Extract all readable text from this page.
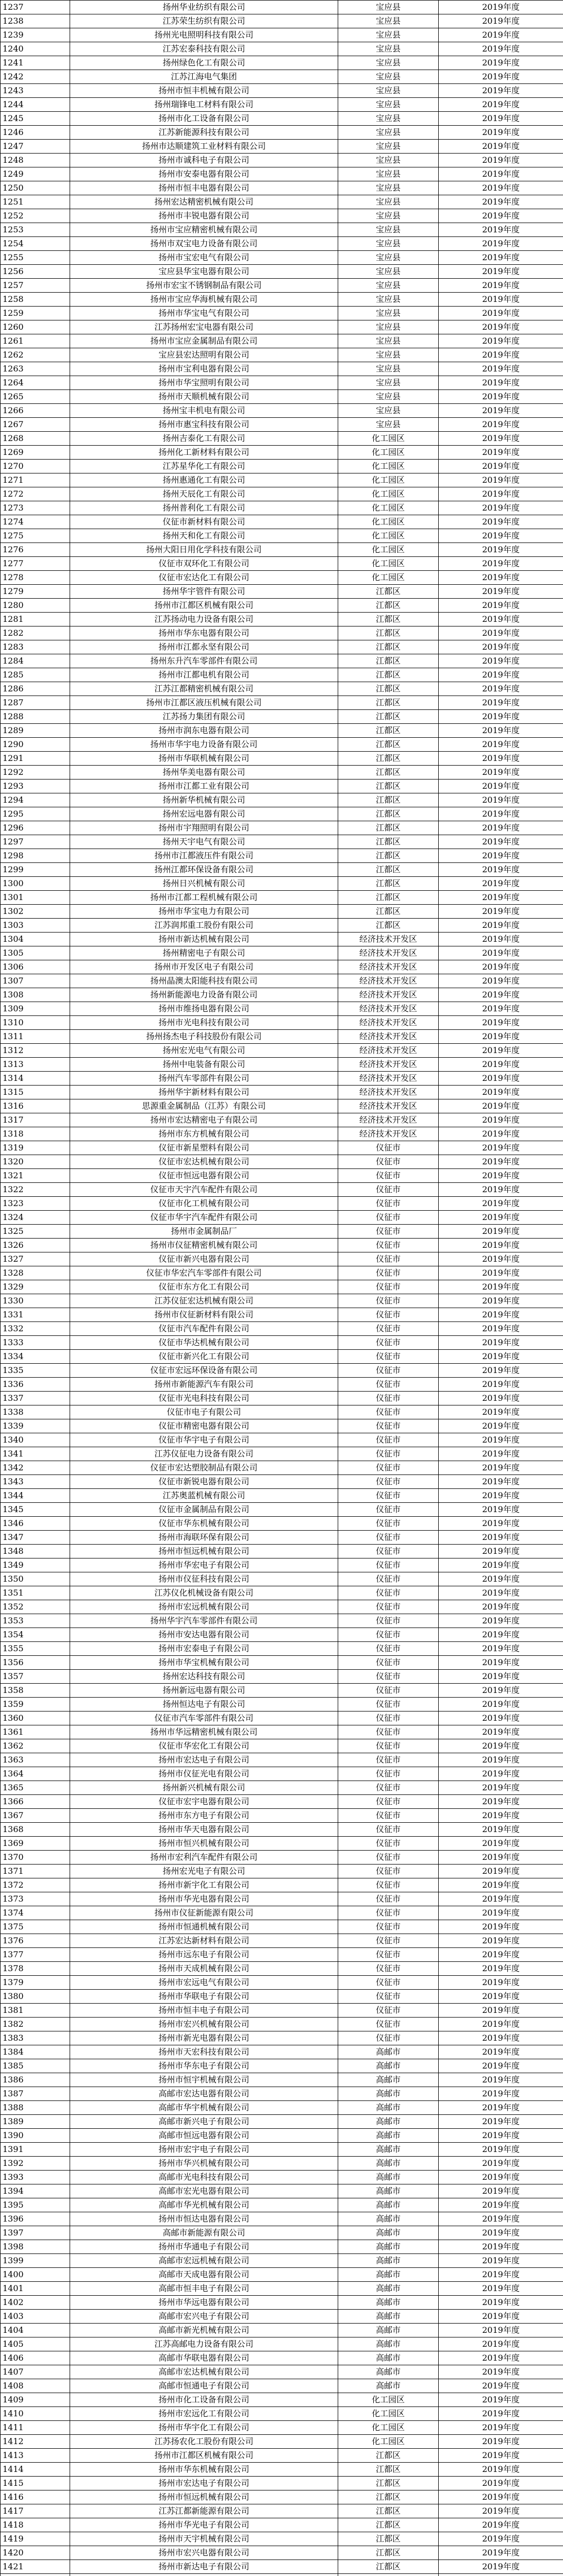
1237	扬州华业纺织有限公司	宝应县	2019年度
1238	江苏荣生纺织有限公司	宝应县	2019年度
1239	扬州光电照明科技有限公司	宝应县	2019年度
1240	江苏宏泰科技有限公司	宝应县	2019年度
1241	扬州绿色化工有限公司	宝应县	2019年度
1242	江苏江海电气集团	宝应县	2019年度
1243	扬州市恒丰机械有限公司	宝应县	2019年度
1244	扬州瑞锋电工材料有限公司	宝应县	2019年度
1245	扬州市化工设备有限公司	宝应县	2019年度
1246	江苏新能源科技有限公司	宝应县	2019年度
1247	扬州市达顺建筑工业材料有限公司	宝应县	2019年度
1248	扬州市诚科电子有限公司	宝应县	2019年度
1249	扬州市安泰电器有限公司	宝应县	2019年度
1250	扬州市恒丰电器有限公司	宝应县	2019年度
1251	扬州宏达精密机械有限公司	宝应县	2019年度
1252	扬州市丰锐电器有限公司	宝应县	2019年度
1253	扬州市宝应精密机械有限公司	宝应县	2019年度
1254	扬州市双宝电力设备有限公司	宝应县	2019年度
1255	扬州市宝宏电气有限公司	宝应县	2019年度
1256	宝应县华宝电器有限公司	宝应县	2019年度
1257	扬州市宏宝不锈钢制品有限公司	宝应县	2019年度
1258	扬州市宝应华海机械有限公司	宝应县	2019年度
1259	扬州市华宝电气有限公司	宝应县	2019年度
1260	江苏扬州宏宝电器有限公司	宝应县	2019年度
1261	扬州市宝应金属制品有限公司	宝应县	2019年度
1262	宝应县宏达照明有限公司	宝应县	2019年度
1263	扬州市宝利电器有限公司	宝应县	2019年度
1264	扬州市华宝照明有限公司	宝应县	2019年度
1265	扬州市天顺机械有限公司	宝应县	2019年度
1266	扬州宝丰机电有限公司	宝应县	2019年度
1267	扬州市惠宝科技有限公司	宝应县	2019年度
1268	扬州吉泰化工有限公司	化工园区	2019年度
1269	扬州化工新材料有限公司	化工园区	2019年度
1270	江苏星华化工有限公司	化工园区	2019年度
1271	扬州惠通化工有限公司	化工园区	2019年度
1272	扬州天辰化工有限公司	化工园区	2019年度
1273	扬州普利化工有限公司	化工园区	2019年度
1274	仪征市新材料有限公司	化工园区	2019年度
1275	扬州天和化工有限公司	化工园区	2019年度
1276	扬州大阳日用化学科技有限公司	化工园区	2019年度
1277	仪征市双环化工有限公司	化工园区	2019年度
1278	仪征市宏达化工有限公司	化工园区	2019年度
1279	扬州华宇管件有限公司	江都区	2019年度
1280	扬州市江都区机械有限公司	江都区	2019年度
1281	江苏扬动电力设备有限公司	江都区	2019年度
1282	扬州市华东电器有限公司	江都区	2019年度
1283	扬州市江都永坚有限公司	江都区	2019年度
1284	扬州东升汽车零部件有限公司	江都区	2019年度
1285	扬州市江都电机有限公司	江都区	2019年度
1286	江苏江都精密机械有限公司	江都区	2019年度
1287	扬州市江都区液压机械有限公司	江都区	2019年度
1288	江苏扬力集团有限公司	江都区	2019年度
1289	扬州市润东电器有限公司	江都区	2019年度
1290	扬州市华宇电力设备有限公司	江都区	2019年度
1291	扬州市华联机械有限公司	江都区	2019年度
1292	扬州华美电器有限公司	江都区	2019年度
1293	扬州市江都工业有限公司	江都区	2019年度
1294	扬州新华机械有限公司	江都区	2019年度
1295	扬州宏远电器有限公司	江都区	2019年度
1296	扬州市宇翔照明有限公司	江都区	2019年度
1297	扬州天宇电气有限公司	江都区	2019年度
1298	扬州市江都液压件有限公司	江都区	2019年度
1299	扬州江都环保设备有限公司	江都区	2019年度
1300	扬州日兴机械有限公司	江都区	2019年度
1301	扬州市江都工程机械有限公司	江都区	2019年度
1302	扬州市华宝电力有限公司	江都区	2019年度
1303	江苏润邦重工股份有限公司	江都区	2019年度
1304	扬州市新达机械有限公司	经济技术开发区	2019年度
1305	扬州精密电子有限公司	经济技术开发区	2019年度
1306	扬州市开发区电子有限公司	经济技术开发区	2019年度
1307	扬州晶澳太阳能科技有限公司	经济技术开发区	2019年度
1308	扬州新能源电力设备有限公司	经济技术开发区	2019年度
1309	扬州市维扬电器有限公司	经济技术开发区	2019年度
1310	扬州市光电科技有限公司	经济技术开发区	2019年度
1311	扬州扬杰电子科技股份有限公司	经济技术开发区	2019年度
1312	扬州宏光电气有限公司	经济技术开发区	2019年度
1313	扬州中电装备有限公司	经济技术开发区	2019年度
1314	扬州汽车零部件有限公司	经济技术开发区	2019年度
1315	扬州华宇新材料有限公司	经济技术开发区	2019年度
1316	思源重金属制品（江苏）有限公司	经济技术开发区	2019年度
1317	扬州市宏达精密电子有限公司	经济技术开发区	2019年度
1318	扬州市东方机械有限公司	经济技术开发区	2019年度
1319	仪征市新星塑料有限公司	仪征市	2019年度
1320	仪征市宏达机械有限公司	仪征市	2019年度
1321	仪征市恒远电器有限公司	仪征市	2019年度
1322	仪征市天宇汽车配件有限公司	仪征市	2019年度
1323	仪征市化工机械有限公司	仪征市	2019年度
1324	仪征市华宇汽车配件有限公司	仪征市	2019年度
1325	扬州市金属制品厂	仪征市	2019年度
1326	扬州市仪征精密机械有限公司	仪征市	2019年度
1327	仪征市新兴电器有限公司	仪征市	2019年度
1328	仪征市华宏汽车零部件有限公司	仪征市	2019年度
1329	仪征市东方化工有限公司	仪征市	2019年度
1330	江苏仪征宏达机械有限公司	仪征市	2019年度
1331	扬州市仪征新材料有限公司	仪征市	2019年度
1332	仪征市汽车配件有限公司	仪征市	2019年度
1333	仪征市华达机械有限公司	仪征市	2019年度
1334	仪征市新兴化工有限公司	仪征市	2019年度
1335	仪征市宏远环保设备有限公司	仪征市	2019年度
1336	扬州市新能源汽车有限公司	仪征市	2019年度
1337	仪征市光电科技有限公司	仪征市	2019年度
1338	仪征市电子有限公司	仪征市	2019年度
1339	仪征市精密电器有限公司	仪征市	2019年度
1340	仪征市华宇电子有限公司	仪征市	2019年度
1341	江苏仪征电力设备有限公司	仪征市	2019年度
1342	仪征市宏达塑胶制品有限公司	仪征市	2019年度
1343	仪征市新锐电器有限公司	仪征市	2019年度
1344	江苏奥蓝机械有限公司	仪征市	2019年度
1345	仪征市金属制品有限公司	仪征市	2019年度
1346	仪征市华东机械有限公司	仪征市	2019年度
1347	扬州市海联环保有限公司	仪征市	2019年度
1348	扬州市恒远机械有限公司	仪征市	2019年度
1349	扬州市华宏电子有限公司	仪征市	2019年度
1350	扬州市仪征科技有限公司	仪征市	2019年度
1351	江苏仪化机械设备有限公司	仪征市	2019年度
1352	扬州市宏远机械有限公司	仪征市	2019年度
1353	扬州华宇汽车零部件有限公司	仪征市	2019年度
1354	扬州市安达电器有限公司	仪征市	2019年度
1355	扬州市宏泰电子有限公司	仪征市	2019年度
1356	扬州市华宝机械有限公司	仪征市	2019年度
1357	扬州宏达科技有限公司	仪征市	2019年度
1358	扬州新远电器有限公司	仪征市	2019年度
1359	扬州恒达电子有限公司	仪征市	2019年度
1360	仪征市汽车零部件有限公司	仪征市	2019年度
1361	扬州市华远精密机械有限公司	仪征市	2019年度
1362	仪征市华宏化工有限公司	仪征市	2019年度
1363	扬州市宏达电子有限公司	仪征市	2019年度
1364	扬州市仪征光电有限公司	仪征市	2019年度
1365	扬州新兴机械有限公司	仪征市	2019年度
1366	仪征市宏宇电器有限公司	仪征市	2019年度
1367	扬州市东方电子有限公司	仪征市	2019年度
1368	扬州市华天电器有限公司	仪征市	2019年度
1369	扬州市恒兴机械有限公司	仪征市	2019年度
1370	扬州市宏利汽车配件有限公司	仪征市	2019年度
1371	扬州宏光电子有限公司	仪征市	2019年度
1372	扬州市新宇化工有限公司	仪征市	2019年度
1373	扬州市华光电器有限公司	仪征市	2019年度
1374	扬州市仪征新能源有限公司	仪征市	2019年度
1375	扬州市恒通机械有限公司	仪征市	2019年度
1376	江苏宏达新材料有限公司	仪征市	2019年度
1377	扬州市远东电子有限公司	仪征市	2019年度
1378	扬州市天成机械有限公司	仪征市	2019年度
1379	扬州市宏远电气有限公司	仪征市	2019年度
1380	扬州市华联电子有限公司	仪征市	2019年度
1381	扬州市恒丰电子有限公司	仪征市	2019年度
1382	扬州市宏兴机械有限公司	仪征市	2019年度
1383	扬州市新光电器有限公司	仪征市	2019年度
1384	扬州市天宏科技有限公司	高邮市	2019年度
1385	扬州市华东电子有限公司	高邮市	2019年度
1386	扬州市恒宇机械有限公司	高邮市	2019年度
1387	高邮市宏达电器有限公司	高邮市	2019年度
1388	高邮市华宇机械有限公司	高邮市	2019年度
1389	高邮市新兴电子有限公司	高邮市	2019年度
1390	高邮市恒远电器有限公司	高邮市	2019年度
1391	扬州市宏宇电子有限公司	高邮市	2019年度
1392	扬州市华兴机械有限公司	高邮市	2019年度
1393	高邮市光电科技有限公司	高邮市	2019年度
1394	高邮市宏光电器有限公司	高邮市	2019年度
1395	高邮市华光机械有限公司	高邮市	2019年度
1396	扬州市恒达电器有限公司	高邮市	2019年度
1397	高邮市新能源有限公司	高邮市	2019年度
1398	扬州市华通电子有限公司	高邮市	2019年度
1399	高邮市宏远机械有限公司	高邮市	2019年度
1400	高邮市天成电器有限公司	高邮市	2019年度
1401	高邮市恒丰电子有限公司	高邮市	2019年度
1402	扬州市华远电器有限公司	高邮市	2019年度
1403	高邮市宏兴电子有限公司	高邮市	2019年度
1404	高邮市新光机械有限公司	高邮市	2019年度
1405	江苏高邮电力设备有限公司	高邮市	2019年度
1406	高邮市华联电器有限公司	高邮市	2019年度
1407	高邮市宏达机械有限公司	高邮市	2019年度
1408	高邮市恒通电子有限公司	高邮市	2019年度
1409	扬州市化工设备有限公司	化工园区	2019年度
1410	扬州市宏远化工有限公司	化工园区	2019年度
1411	扬州市华宇化工有限公司	化工园区	2019年度
1412	江苏扬农化工股份有限公司	化工园区	2019年度
1413	扬州市江都区机械有限公司	江都区	2019年度
1414	扬州市华东机械有限公司	江都区	2019年度
1415	扬州市宏达电子有限公司	江都区	2019年度
1416	扬州市恒远机械有限公司	江都区	2019年度
1417	江苏江都新能源有限公司	江都区	2019年度
1418	扬州市华光电子有限公司	江都区	2019年度
1419	扬州市天宇机械有限公司	江都区	2019年度
1420	扬州市宏兴电器有限公司	江都区	2019年度
1421	扬州市新达电子有限公司	江都区	2019年度
